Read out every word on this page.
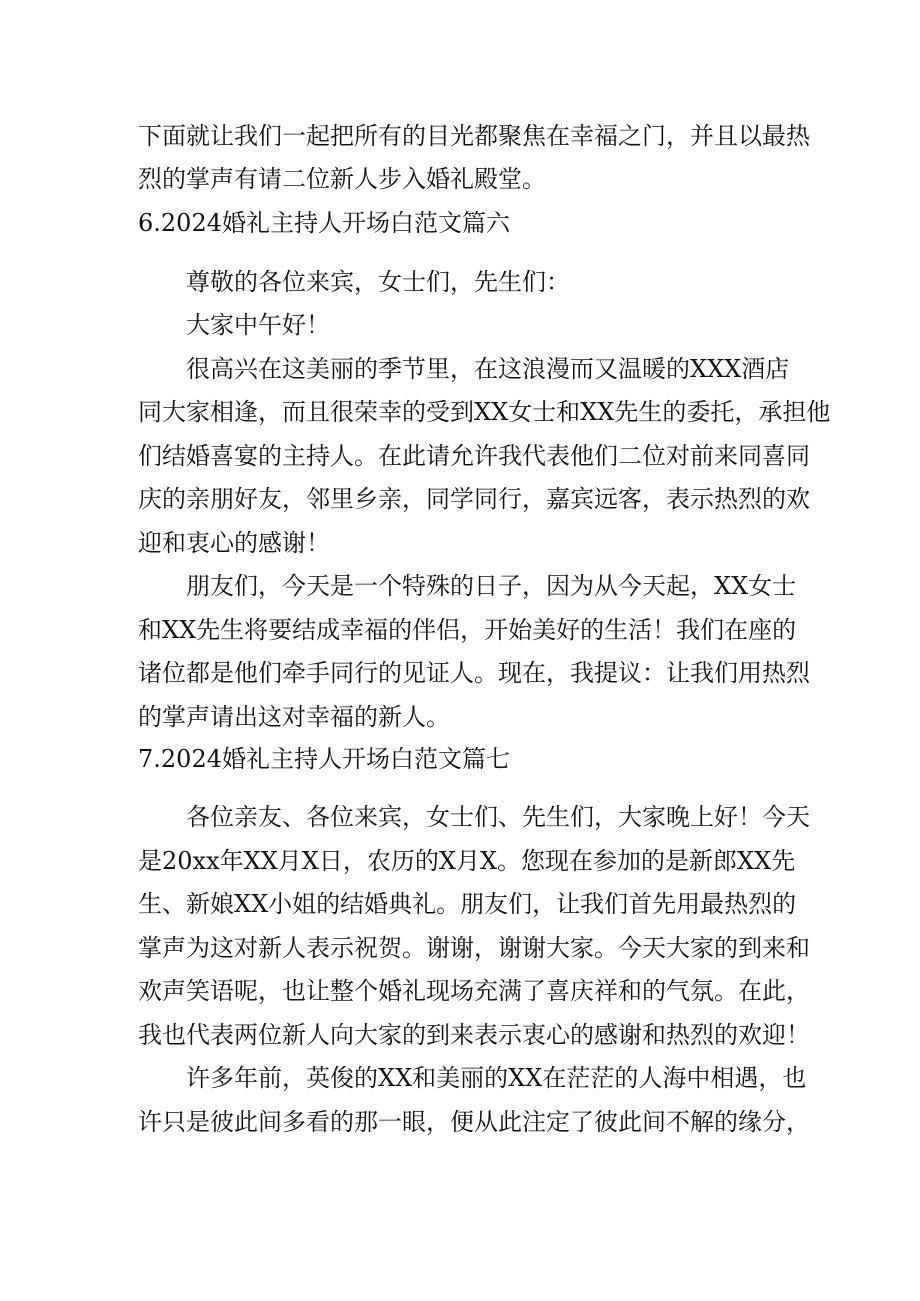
下面就让我们一起把所有的目光都聚焦在幸福之门，并且以最热
烈的掌声有请二位新人步入婚礼殿堂。
6.2024婚礼主持人开场白范文篇六
尊敬的各位来宾，女士们，先生们：
大家中午好！
很高兴在这美丽的季节里，在这浪漫而又温暖的XXX酒店
同大家相逢，而且很荣幸的受到XX女士和XX先生的委托，承担他
们结婚喜宴的主持人。在此请允许我代表他们二位对前来同喜同
庆的亲朋好友，邻里乡亲，同学同行，嘉宾远客，表示热烈的欢
迎和衷心的感谢！
朋友们，今天是一个特殊的日子，因为从今天起，XX女士
和XX先生将要结成幸福的伴侣，开始美好的生活！我们在座的
诸位都是他们牵手同行的见证人。现在，我提议：让我们用热烈
的掌声请出这对幸福的新人。
7.2024婚礼主持人开场白范文篇七
各位亲友、各位来宾，女士们、先生们，大家晚上好！今天
是20xx年XX月X日，农历的X月X。您现在参加的是新郎XX先
生、新娘XX小姐的结婚典礼。朋友们，让我们首先用最热烈的
掌声为这对新人表示祝贺。谢谢，谢谢大家。今天大家的到来和
欢声笑语呢，也让整个婚礼现场充满了喜庆祥和的气氛。在此，
我也代表两位新人向大家的到来表示衷心的感谢和热烈的欢迎！
许多年前，英俊的XX和美丽的XX在茫茫的人海中相遇，也
许只是彼此间多看的那一眼，便从此注定了彼此间不解的缘分，
